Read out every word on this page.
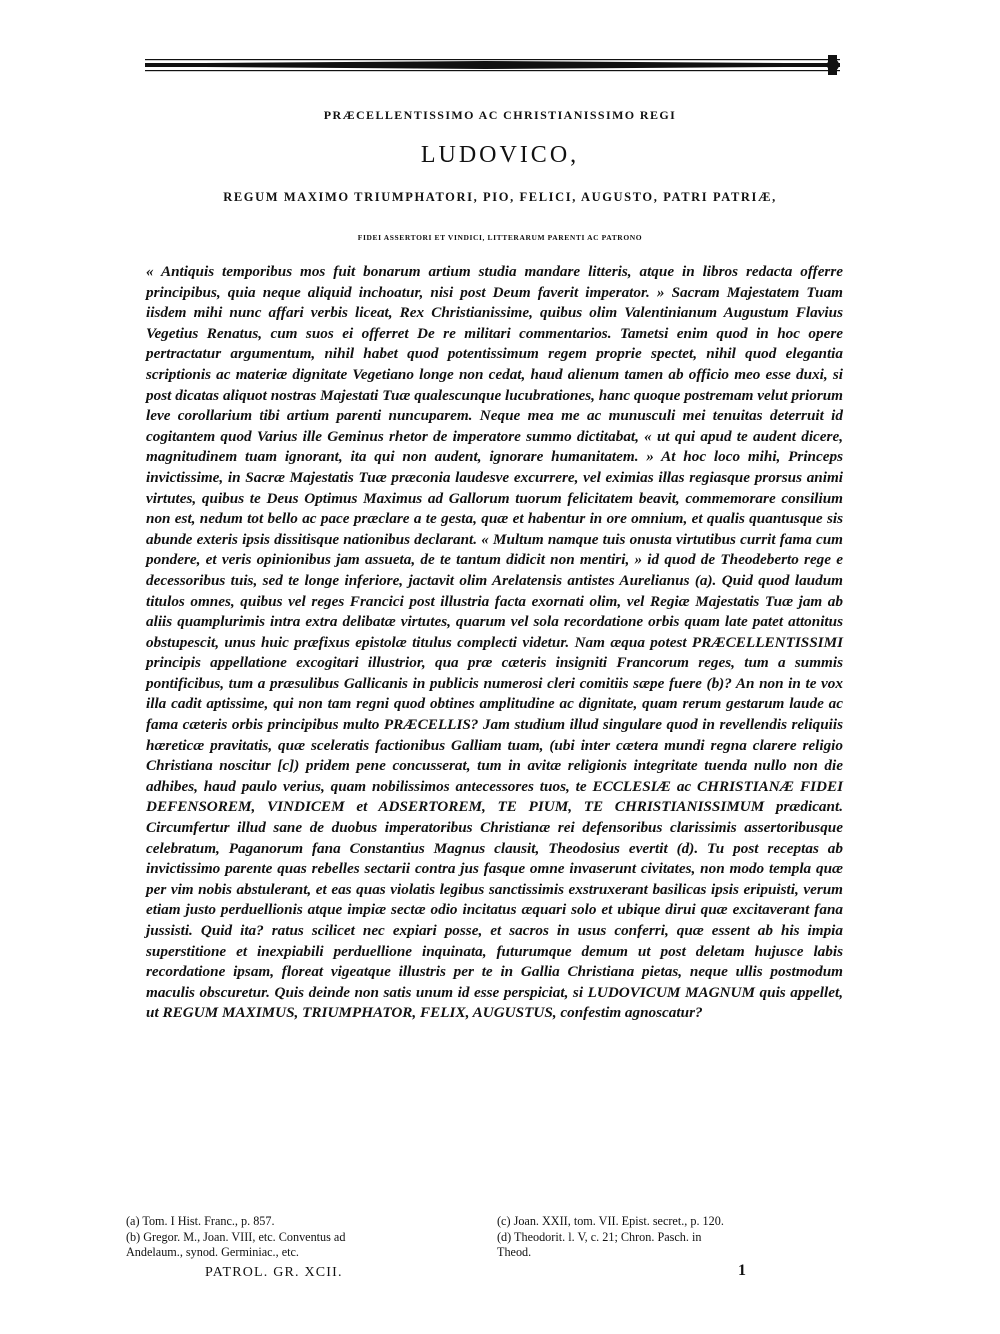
PRÆCELLENTISSIMO AC CHRISTIANISSIMO REGI
LUDOVICO,
REGUM MAXIMO TRIUMPHATORI, PIO, FELICI, AUGUSTO, PATRI PATRIÆ,
FIDEI ASSERTORI ET VINDICI, LITTERARUM PARENTI AC PATRONO

« Antiquis temporibus mos fuit bonarum artium studia mandare litteris, atque in libros redacta offerre principibus, quia neque aliquid inchoatur, nisi post Deum faverit imperator. » Sacram Majestatem Tuam iisdem mihi nunc affari verbis liceat, Rex Christianissime, quibus olim Valentinianum Augustum Flavius Vegetius Renatus, cum suos ei offerret De re militari commentarios. Tametsi enim quod in hoc opere pertractatur argumentum, nihil habet quod potentissimum regem proprie spectet, nihil quod elegantia scriptionis ac materiæ dignitate Vegetiano longe non cedat, haud alienum tamen ab officio meo esse duxi, si post dicatas aliquot nostras Majestati Tuæ qualescunque lucubrationes, hanc quoque postremam velut priorum leve corollarium tibi artium parenti nuncuparem. Neque mea me ac munusculi mei tenuitas deterruit id cogitantem quod Varius ille Geminus rhetor de imperatore summo dictitabat, « ut qui apud te audent dicere, magnitudinem tuam ignorant, ita qui non audent, ignorare humanitatem. » At hoc loco mihi, Princeps invictissime, in Sacræ Majestatis Tuæ præconia laudesve excurrere, vel eximias illas regiasque prorsus animi virtutes, quibus te Deus Optimus Maximus ad Gallorum tuorum felicitatem beavit, commemorare consilium non est, nedum tot bello ac pace præclare a te gesta, quæ et habentur in ore omnium, et qualis quantusque sis abunde exteris ipsis dissitisque nationibus declarant. « Multum namque tuis onusta virtutibus currit fama cum pondere, et veris opinionibus jam assueta, de te tantum didicit non mentiri, » id quod de Theodeberto rege e decessoribus tuis, sed te longe inferiore, jactavit olim Arelatensis antistes Aurelianus (a). Quid quod laudum titulos omnes, quibus vel reges Francici post illustria facta exornati olim, vel Regiæ Majestatis Tuæ jam ab aliis quamplurimis intra extra delibatæ virtutes, quarum vel sola recordatione orbis quam late patet attonitus obstupescit, unus huic præfixus epistolæ titulus complecti videtur. Nam æqua potest PRÆCELLENTISSIMI principis appellatione excogitari illustrior, qua præ cæteris insigniti Francorum reges, tum a summis pontificibus, tum a præsulibus Gallicanis in publicis numerosi cleri comitiis sæpe fuere (b)? An non in te vox illa cadit aptissime, qui non tam regni quod obtines amplitudine ac dignitate, quam rerum gestarum laude ac fama cæteris orbis principibus multo PRÆCELLIS? Jam studium illud singulare quod in revellendis reliquiis hæreticæ pravitatis, quæ sceleratis factionibus Galliam tuam, (ubi inter cætera mundi regna clarere religio Christiana noscitur [c]) pridem pene concusserat, tum in avitæ religionis integritate tuenda nullo non die adhibes, haud paulo verius, quam nobilissimos antecessores tuos, te ECCLESIÆ ac CHRISTIANÆ FIDEI DEFENSOREM, VINDICEM et ADSERTOREM, TE PIUM, TE CHRISTIANISSIMUM prædicant. Circumfertur illud sane de duobus imperatoribus Christianæ rei defensoribus clarissimis assertoribusque celebratum, Paganorum fana Constantius Magnus clausit, Theodosius evertit (d). Tu post receptas ab invictissimo parente quas rebelles sectarii contra jus fasque omne invaserunt civitates, non modo templa quæ per vim nobis abstulerant, et eas quas violatis legibus sanctissimis exstruxerant basilicas ipsis eripuisti, verum etiam justo perduellionis atque impiæ sectæ odio incitatus æquari solo et ubique dirui quæ excitaverant fana jussisti. Quid ita? ratus scilicet nec expiari posse, et sacros in usus conferri, quæ essent ab his impia superstitione et inexpiabili perduellione inquinata, futurumque demum ut post deletam hujusce labis recordatione ipsam, floreat vigeatque illustris per te in Gallia Christiana pietas, neque ullis postmodum maculis obscuretur. Quis deinde non satis unum id esse perspiciat, si LUDOVICUM MAGNUM quis appellet, ut REGUM MAXIMUS, TRIUMPHATOR, FELIX, AUGUSTUS, confestim agnoscatur?

(a) Tom. I Hist. Franc., p. 857.
(b) Gregor. M., Joan. VIII, etc. Conventus ad
Andelaum., synod. Germiniac., etc.
(c) Joan. XXII, tom. VII. Epist. secret., p. 120.
(d) Theodorit. l. V, c. 21; Chron. Pasch. in
Theod.
PATROL. GR. XCII.	1
